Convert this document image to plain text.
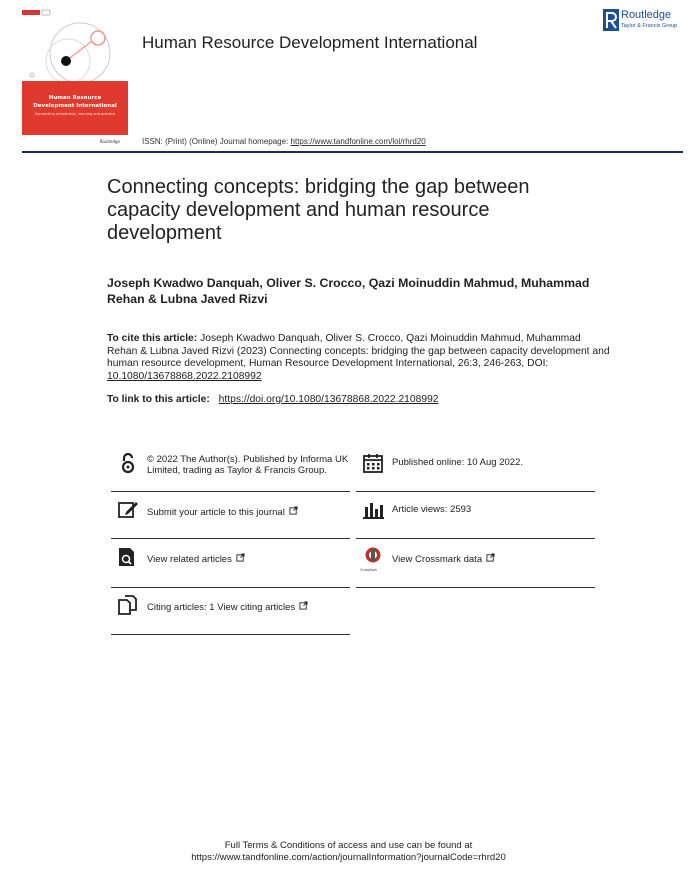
Human Resource
Development International
Connecting scholarship, learning and practice
Routledge
Human Resource Development International
Routledge
Taylor & Francis Group
ISSN: (Print) (Online) Journal homepage: https://www.tandfonline.com/loi/rhrd20
Connecting concepts: bridging the gap between capacity development and human resource development
Joseph Kwadwo Danquah, Oliver S. Crocco, Qazi Moinuddin Mahmud, Muhammad Rehan & Lubna Javed Rizvi
To cite this article: Joseph Kwadwo Danquah, Oliver S. Crocco, Qazi Moinuddin Mahmud, Muhammad Rehan & Lubna Javed Rizvi (2023) Connecting concepts: bridging the gap between capacity development and human resource development, Human Resource Development International, 26:3, 246-263, DOI: 10.1080/13678868.2022.2108992
To link to this article: https://doi.org/10.1080/13678868.2022.2108992
© 2022 The Author(s). Published by Informa UK Limited, trading as Taylor & Francis Group.
Published online: 10 Aug 2022.
Submit your article to this journal	Article views: 2593
View related articles
CrossMark
View Crossmark data
Citing articles: 1 View citing articles
Full Terms & Conditions of access and use can be found at
https://www.tandfonline.com/action/journalInformation?journalCode=rhrd20
